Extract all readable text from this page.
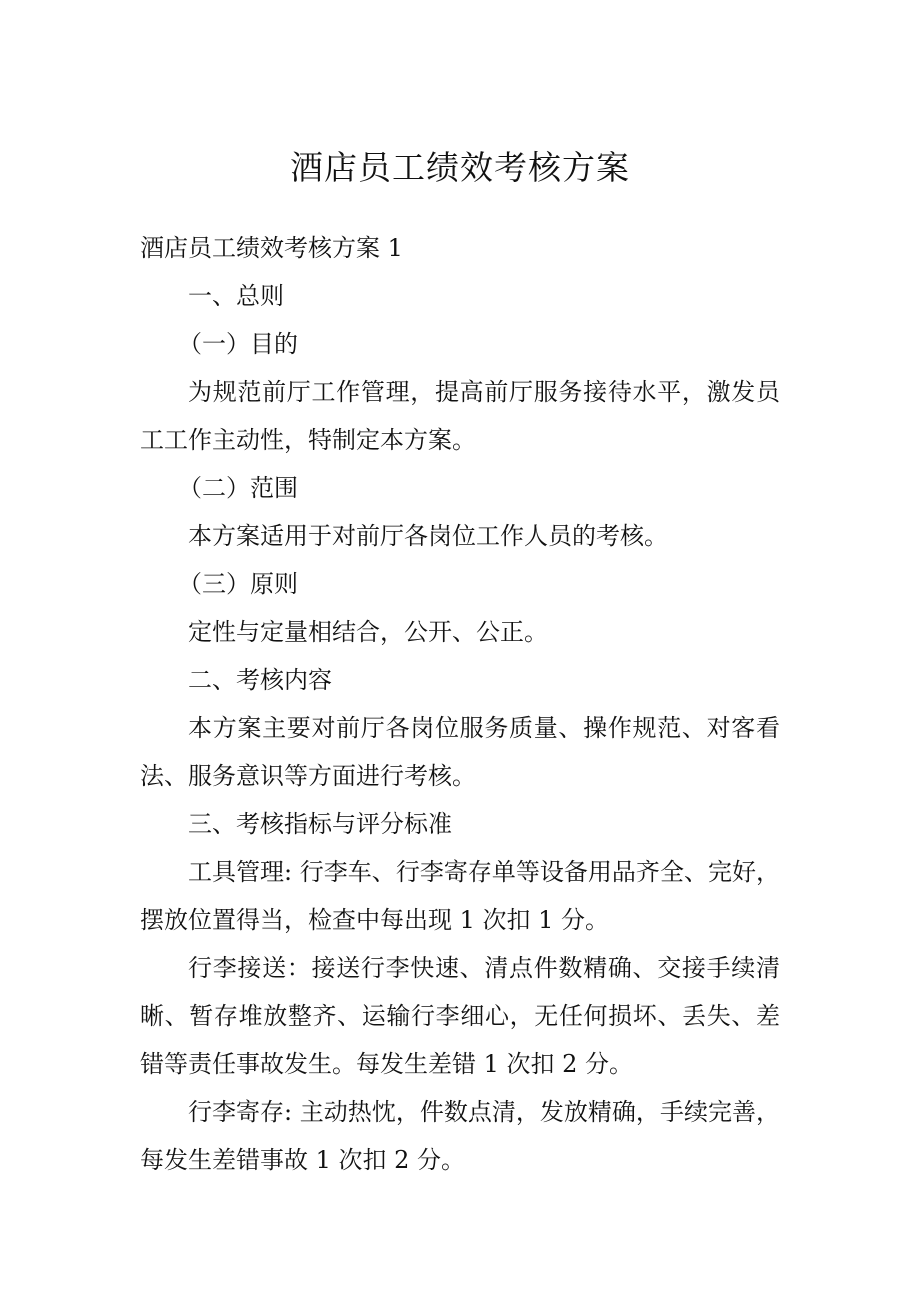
酒店员工绩效考核方案

酒店员工绩效考核方案 1

一、总则

（一）目的

为规范前厅工作管理，提高前厅服务接待水平，激发员工工作主动性，特制定本方案。

（二）范围

本方案适用于对前厅各岗位工作人员的考核。

（三）原则

定性与定量相结合，公开、公正。

二、考核内容

本方案主要对前厅各岗位服务质量、操作规范、对客看法、服务意识等方面进行考核。

三、考核指标与评分标准

工具管理: 行李车、行李寄存单等设备用品齐全、完好，摆放位置得当，检查中每出现 1 次扣 1 分。

行李接送：接送行李快速、清点件数精确、交接手续清晰、暂存堆放整齐、运输行李细心，无任何损坏、丢失、差错等责任事故发生。每发生差错 1 次扣 2 分。

行李寄存: 主动热忱，件数点清，发放精确，手续完善，每发生差错事故 1 次扣 2 分。
